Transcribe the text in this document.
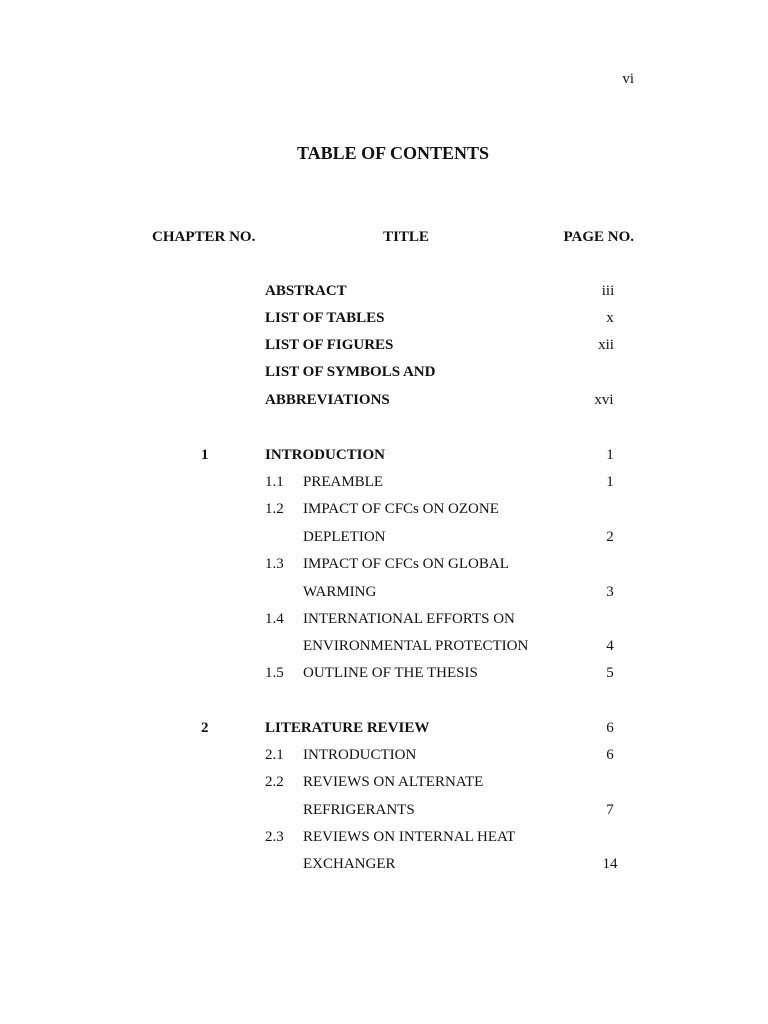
vi
TABLE OF CONTENTS
CHAPTER NO.	TITLE	PAGE NO.
ABSTRACT	iii
LIST OF TABLES	x
LIST OF FIGURES	xii
LIST OF SYMBOLS AND
ABBREVIATIONS	xvi
1	INTRODUCTION	1
1.1 PREAMBLE	1
1.2 IMPACT OF CFCs ON OZONE
DEPLETION	2
1.3 IMPACT OF CFCs ON GLOBAL
WARMING	3
1.4 INTERNATIONAL EFFORTS ON
ENVIRONMENTAL PROTECTION	4
1.5 OUTLINE OF THE THESIS	5
2	LITERATURE REVIEW	6
2.1 INTRODUCTION	6
2.2 REVIEWS ON ALTERNATE
REFRIGERANTS	7
2.3 REVIEWS ON INTERNAL HEAT
EXCHANGER	14
